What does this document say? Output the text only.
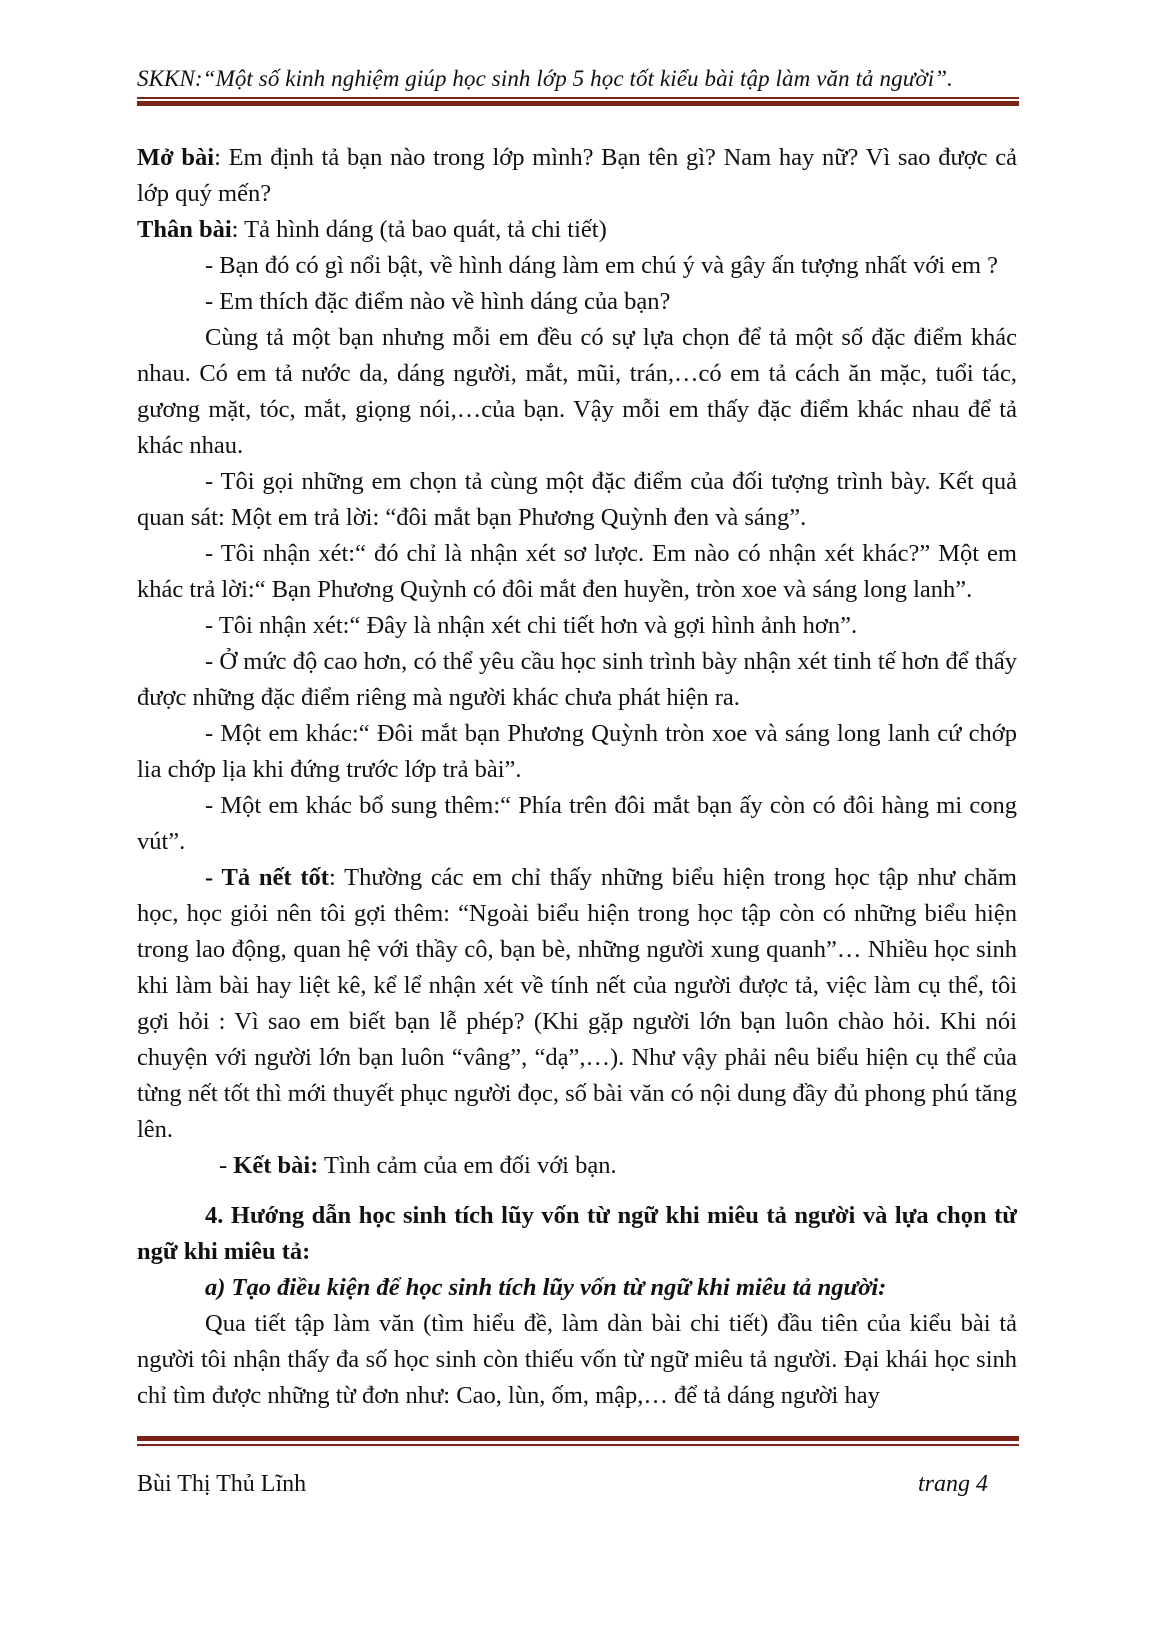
SKKN:“Một số kinh nghiệm giúp học sinh lớp 5 học tốt kiểu bài tập làm văn tả người”.

Mở bài: Em định tả bạn nào trong lớp mình? Bạn tên gì? Nam hay nữ? Vì sao được cả lớp quý mến?

Thân bài: Tả hình dáng (tả bao quát, tả chi tiết)

- Bạn đó có gì nổi bật, về hình dáng làm em chú ý và gây ấn tượng nhất với em ?

- Em thích đặc điểm nào về hình dáng của bạn?

Cùng tả một bạn nhưng mỗi em đều có sự lựa chọn để tả một số đặc điểm khác nhau. Có em tả nước da, dáng người, mắt, mũi, trán,…có em tả cách ăn mặc, tuổi tác, gương mặt, tóc, mắt, giọng nói,…của bạn. Vậy mỗi em thấy đặc điểm khác nhau để tả khác nhau.

- Tôi gọi những em chọn tả cùng một đặc điểm của đối tượng trình bày. Kết quả quan sát: Một em trả lời: “đôi mắt bạn Phương Quỳnh đen và sáng”.

- Tôi nhận xét:“ đó chỉ là nhận xét sơ lược. Em nào có nhận xét khác?” Một em khác trả lời:“ Bạn Phương Quỳnh có đôi mắt đen huyền, tròn xoe và sáng long lanh”.

- Tôi nhận xét:“ Đây là nhận xét chi tiết hơn và gợi hình ảnh hơn”.

- Ở mức độ cao hơn, có thể yêu cầu học sinh trình bày nhận xét tinh tế hơn để thấy được những đặc điểm riêng mà người khác chưa phát hiện ra.

- Một em khác:“ Đôi mắt bạn Phương Quỳnh tròn xoe và sáng long lanh cứ chớp lia chớp lịa khi đứng trước lớp trả bài”.

- Một em khác bổ sung thêm:“ Phía trên đôi mắt bạn ấy còn có đôi hàng mi cong vút”.

- Tả nết tốt: Thường các em chỉ thấy những biểu hiện trong học tập như chăm học, học giỏi nên tôi gợi thêm: “Ngoài biểu hiện trong học tập còn có những biểu hiện trong lao động, quan hệ với thầy cô, bạn bè, những người xung quanh”… Nhiều học sinh khi làm bài hay liệt kê, kể lể nhận xét về tính nết của người được tả, việc làm cụ thể, tôi gợi hỏi : Vì sao em biết bạn lễ phép? (Khi gặp người lớn bạn luôn chào hỏi. Khi nói chuyện với người lớn bạn luôn “vâng”, “dạ”,…). Như vậy phải nêu biểu hiện cụ thể của từng nết tốt thì mới thuyết phục người đọc, số bài văn có nội dung đầy đủ phong phú tăng lên.

- Kết bài: Tình cảm của em đối với bạn.

4. Hướng dẫn học sinh tích lũy vốn từ ngữ khi miêu tả người và lựa chọn từ ngữ khi miêu tả:

a) Tạo điều kiện để học sinh tích lũy vốn từ ngữ khi miêu tả người:

Qua tiết tập làm văn (tìm hiểu đề, làm dàn bài chi tiết) đầu tiên của kiểu bài tả người tôi nhận thấy đa số học sinh còn thiếu vốn từ ngữ miêu tả người. Đại khái học sinh chỉ tìm được những từ đơn như: Cao, lùn, ốm, mập,… để tả dáng người hay

Bùi Thị Thủ Lĩnh	trang 4
